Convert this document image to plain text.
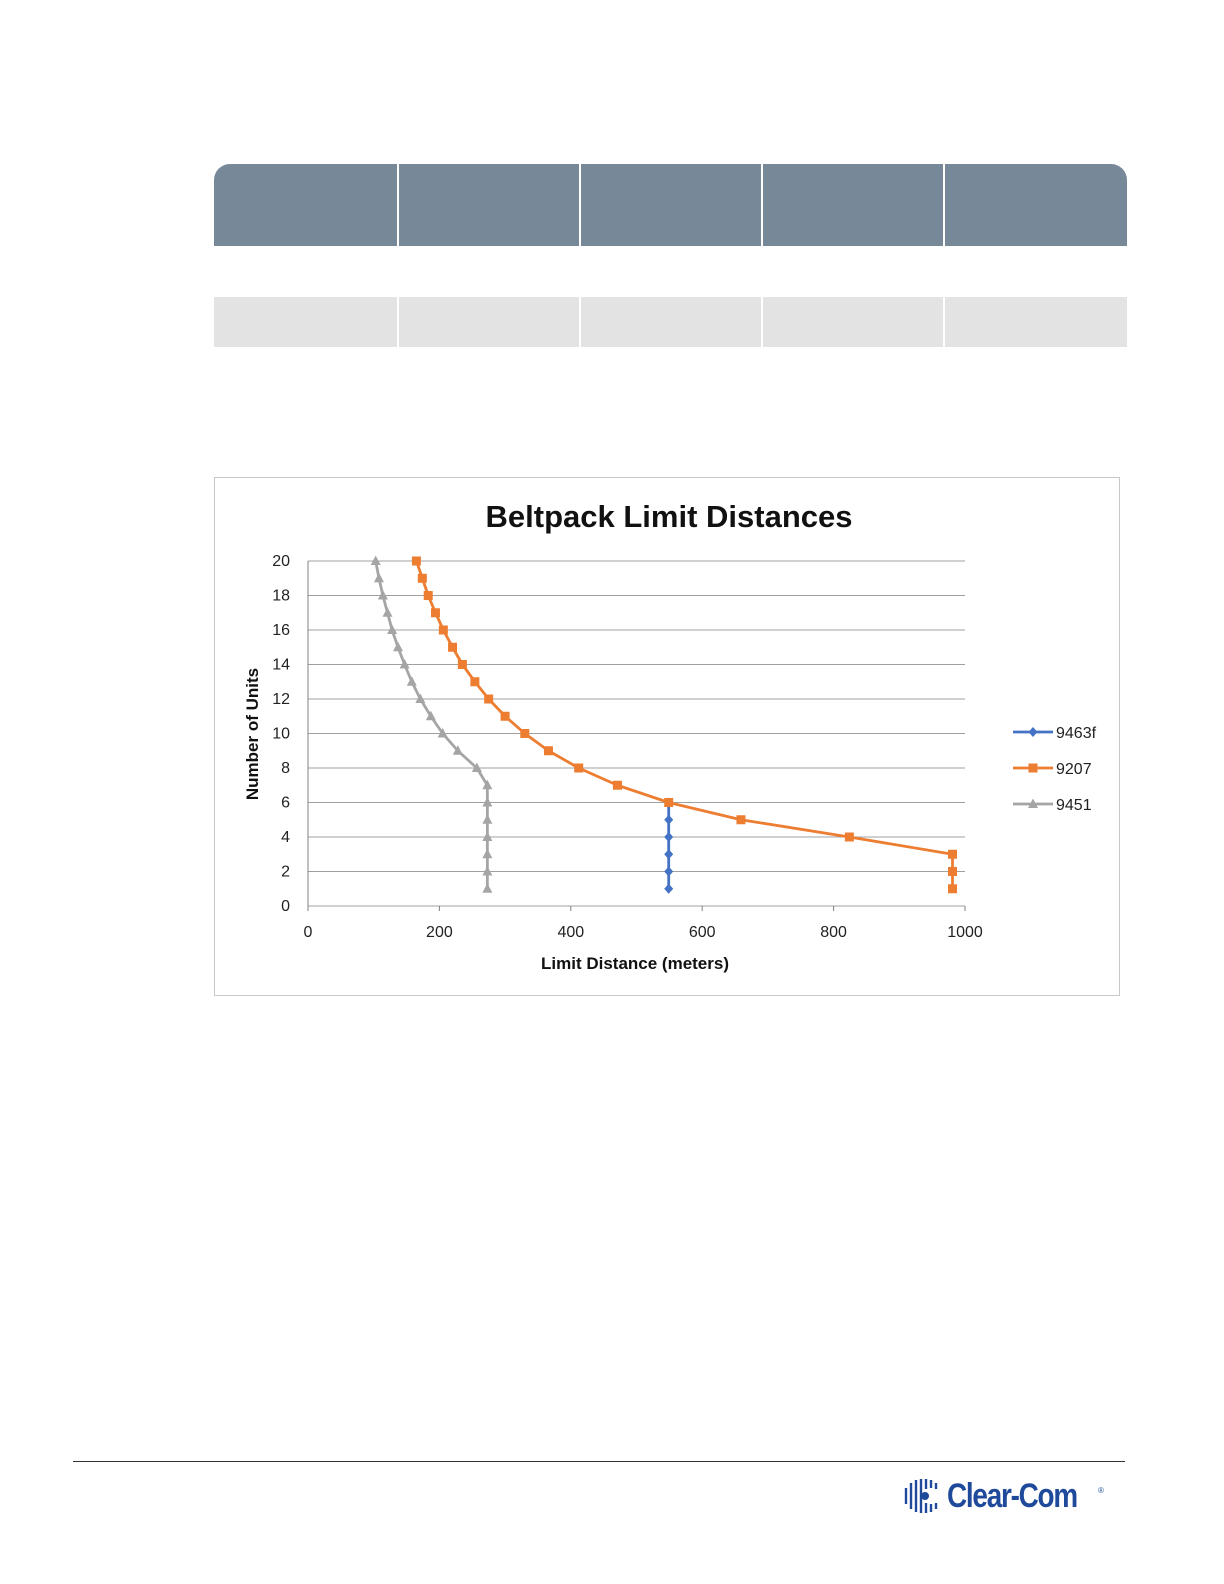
Beltpack Limit Distances
0
2
4
6
8
10
12
14
16
18
20
0	200	400	600	800	1000
9463f
9207
9451
Limit Distance (meters)
Number of Units
Clear-Com	®
